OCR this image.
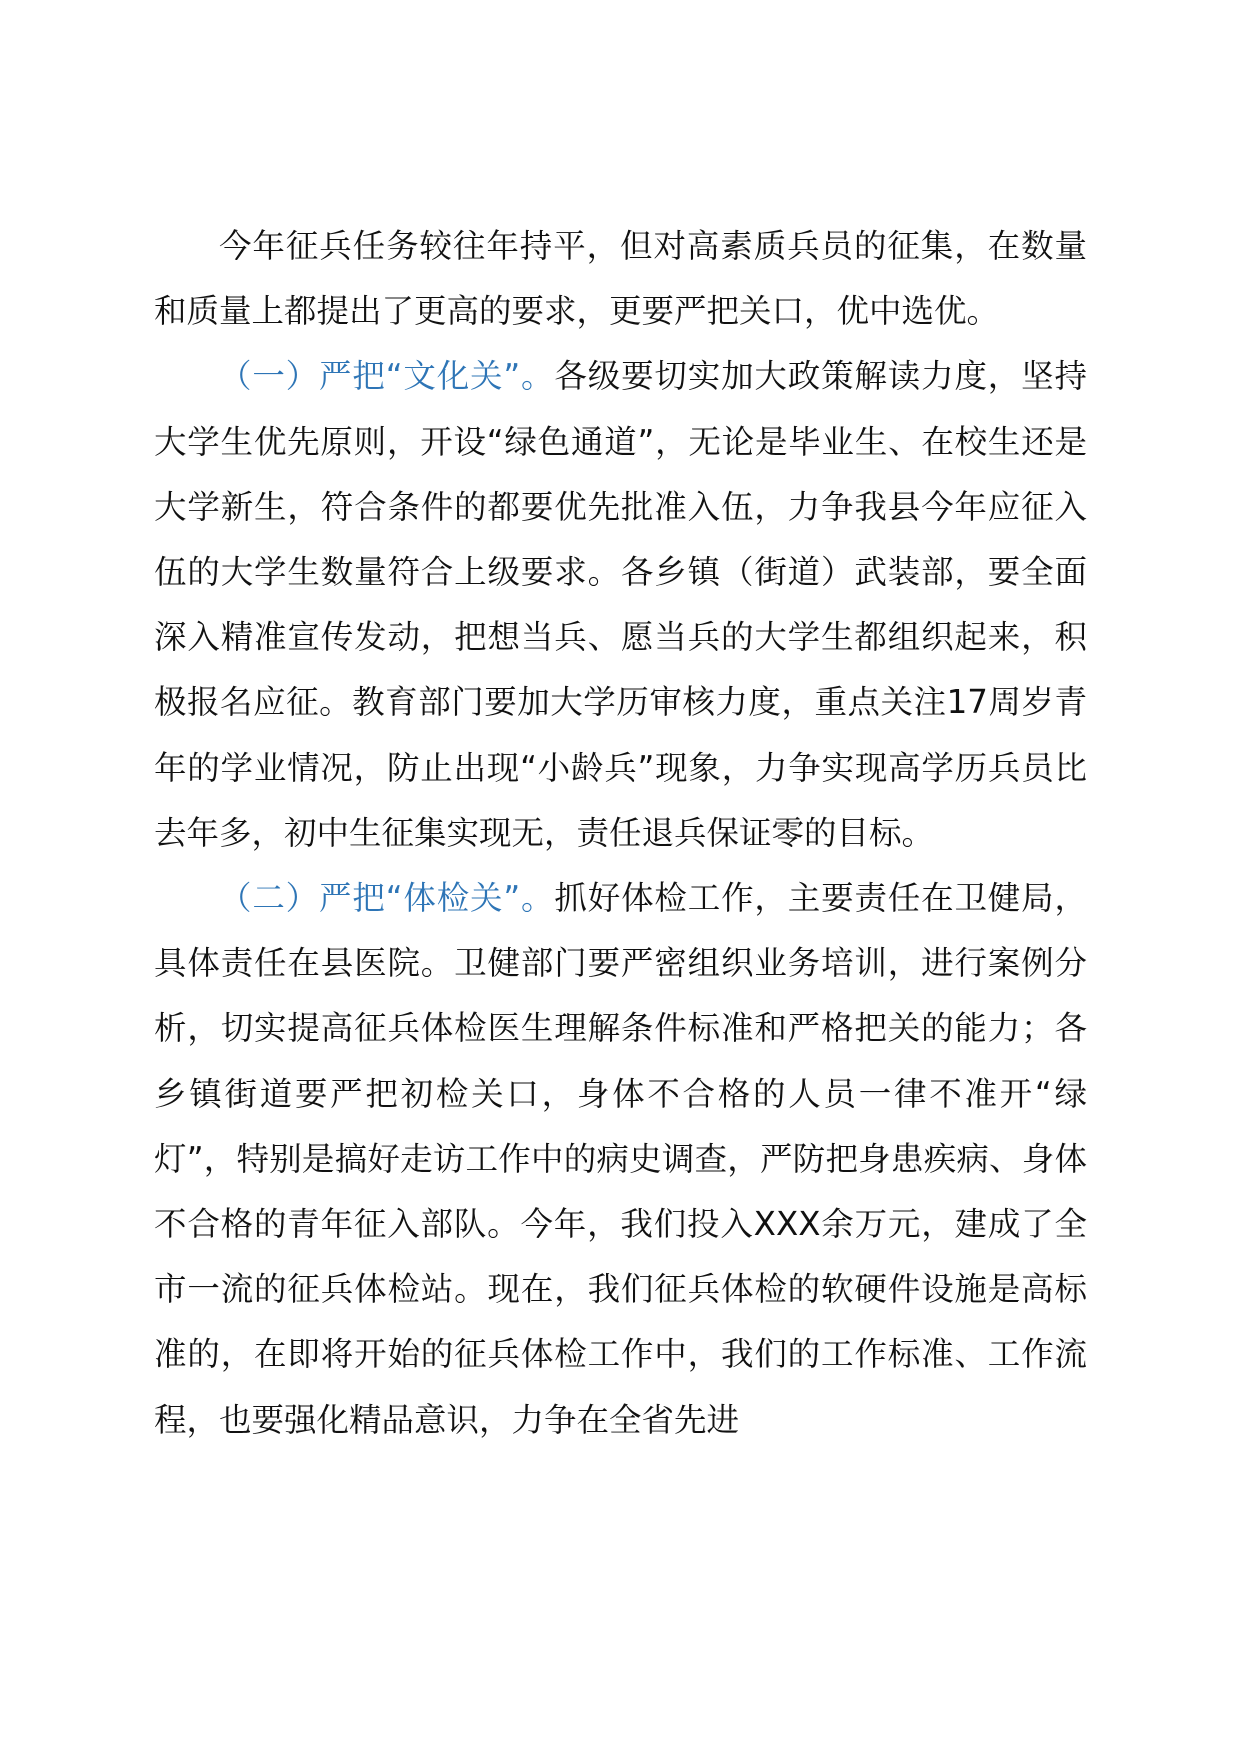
今年征兵任务较往年持平，但对高素质兵员的征集，在数量和质量上都提出了更高的要求，更要严把关口，优中选优。

（一）严把“文化关”。各级要切实加大政策解读力度，坚持大学生优先原则，开设“绿色通道”，无论是毕业生、在校生还是大学新生，符合条件的都要优先批准入伍，力争我县今年应征入伍的大学生数量符合上级要求。各乡镇（街道）武装部，要全面深入精准宣传发动，把想当兵、愿当兵的大学生都组织起来，积极报名应征。教育部门要加大学历审核力度，重点关注17周岁青年的学业情况，防止出现“小龄兵”现象，力争实现高学历兵员比去年多，初中生征集实现无，责任退兵保证零的目标。

（二）严把“体检关”。抓好体检工作，主要责任在卫健局，具体责任在县医院。卫健部门要严密组织业务培训，进行案例分析，切实提高征兵体检医生理解条件标准和严格把关的能力；各乡镇街道要严把初检关口，身体不合格的人员一律不准开“绿灯”，特别是搞好走访工作中的病史调查，严防把身患疾病、身体不合格的青年征入部队。今年，我们投入XXX余万元，建成了全市一流的征兵体检站。现在，我们征兵体检的软硬件设施是高标准的，在即将开始的征兵体检工作中，我们的工作标准、工作流程，也要强化精品意识，力争在全省先进
